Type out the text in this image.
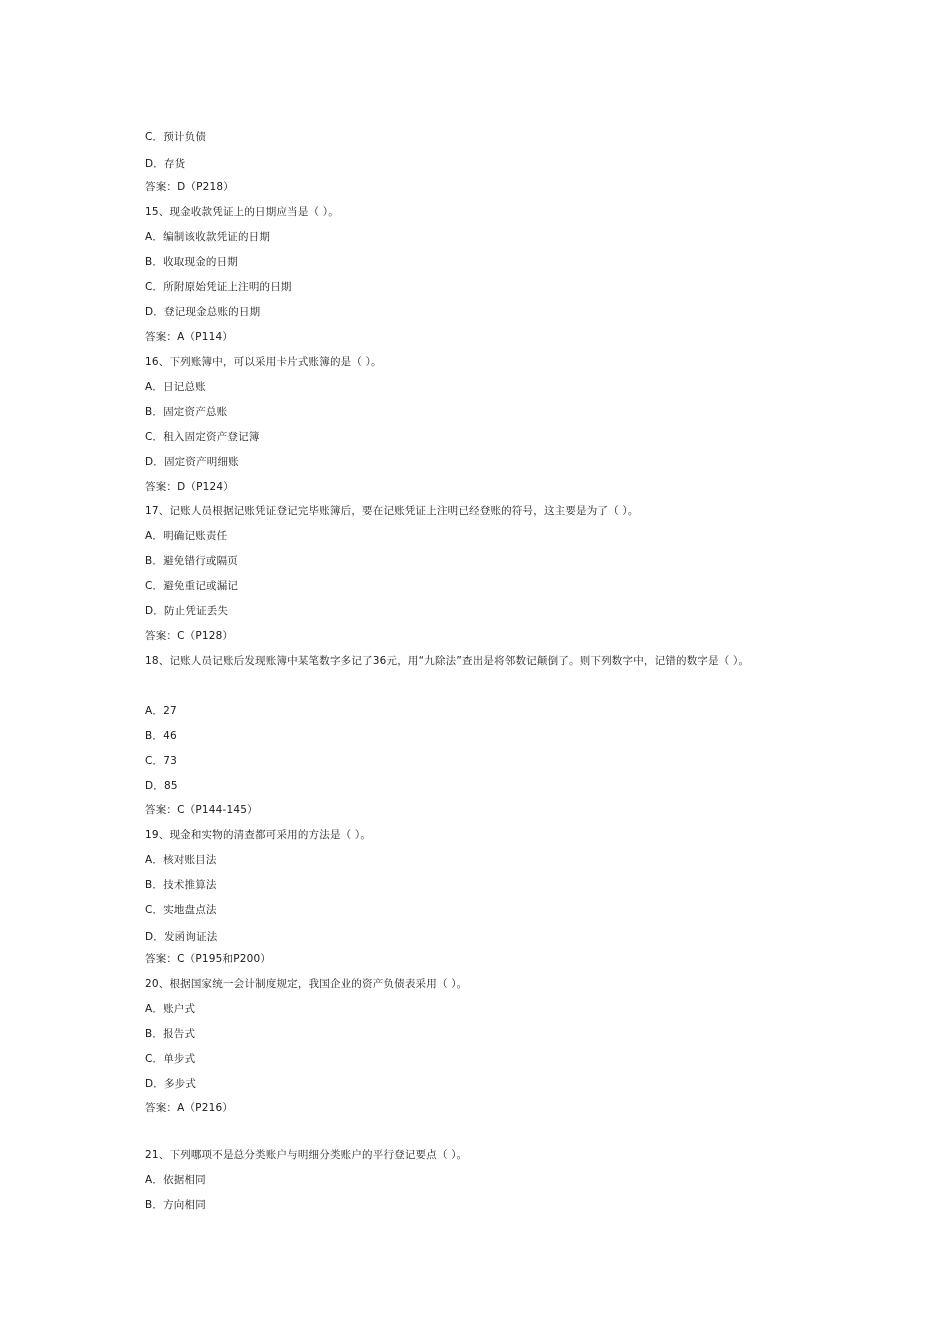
C．预计负债
D．存货
答案：D（P218）
15、现金收款凭证上的日期应当是（ ）。
A．编制该收款凭证的日期
B．收取现金的日期
C．所附原始凭证上注明的日期
D．登记现金总账的日期
答案：A（P114）
16、下列账簿中，可以采用卡片式账簿的是（ ）。
A．日记总账
B．固定资产总账
C．租入固定资产登记簿
D．固定资产明细账
答案：D（P124）
17、记账人员根据记账凭证登记完毕账簿后，要在记账凭证上注明已经登账的符号，这主要是为了（ ）。
A．明确记账责任
B．避免错行或隔页
C．避免重记或漏记
D．防止凭证丢失
答案：C（P128）
18、记账人员记账后发现账簿中某笔数字多记了36元，用“九除法”查出是将邻数记颠倒了。则下列数字中，记错的数字是（ ）。
A．27
B．46
C．73
D．85
答案：C（P144-145）
19、现金和实物的清查都可采用的方法是（ ）。
A．核对账目法
B．技术推算法
C．实地盘点法
D．发函询证法
答案：C（P195和P200）
20、根据国家统一会计制度规定，我国企业的资产负债表采用（ ）。
A．账户式
B．报告式
C．单步式
D．多步式
答案：A（P216）
21、下列哪项不是总分类账户与明细分类账户的平行登记要点（ ）。
A．依据相同
B．方向相同
